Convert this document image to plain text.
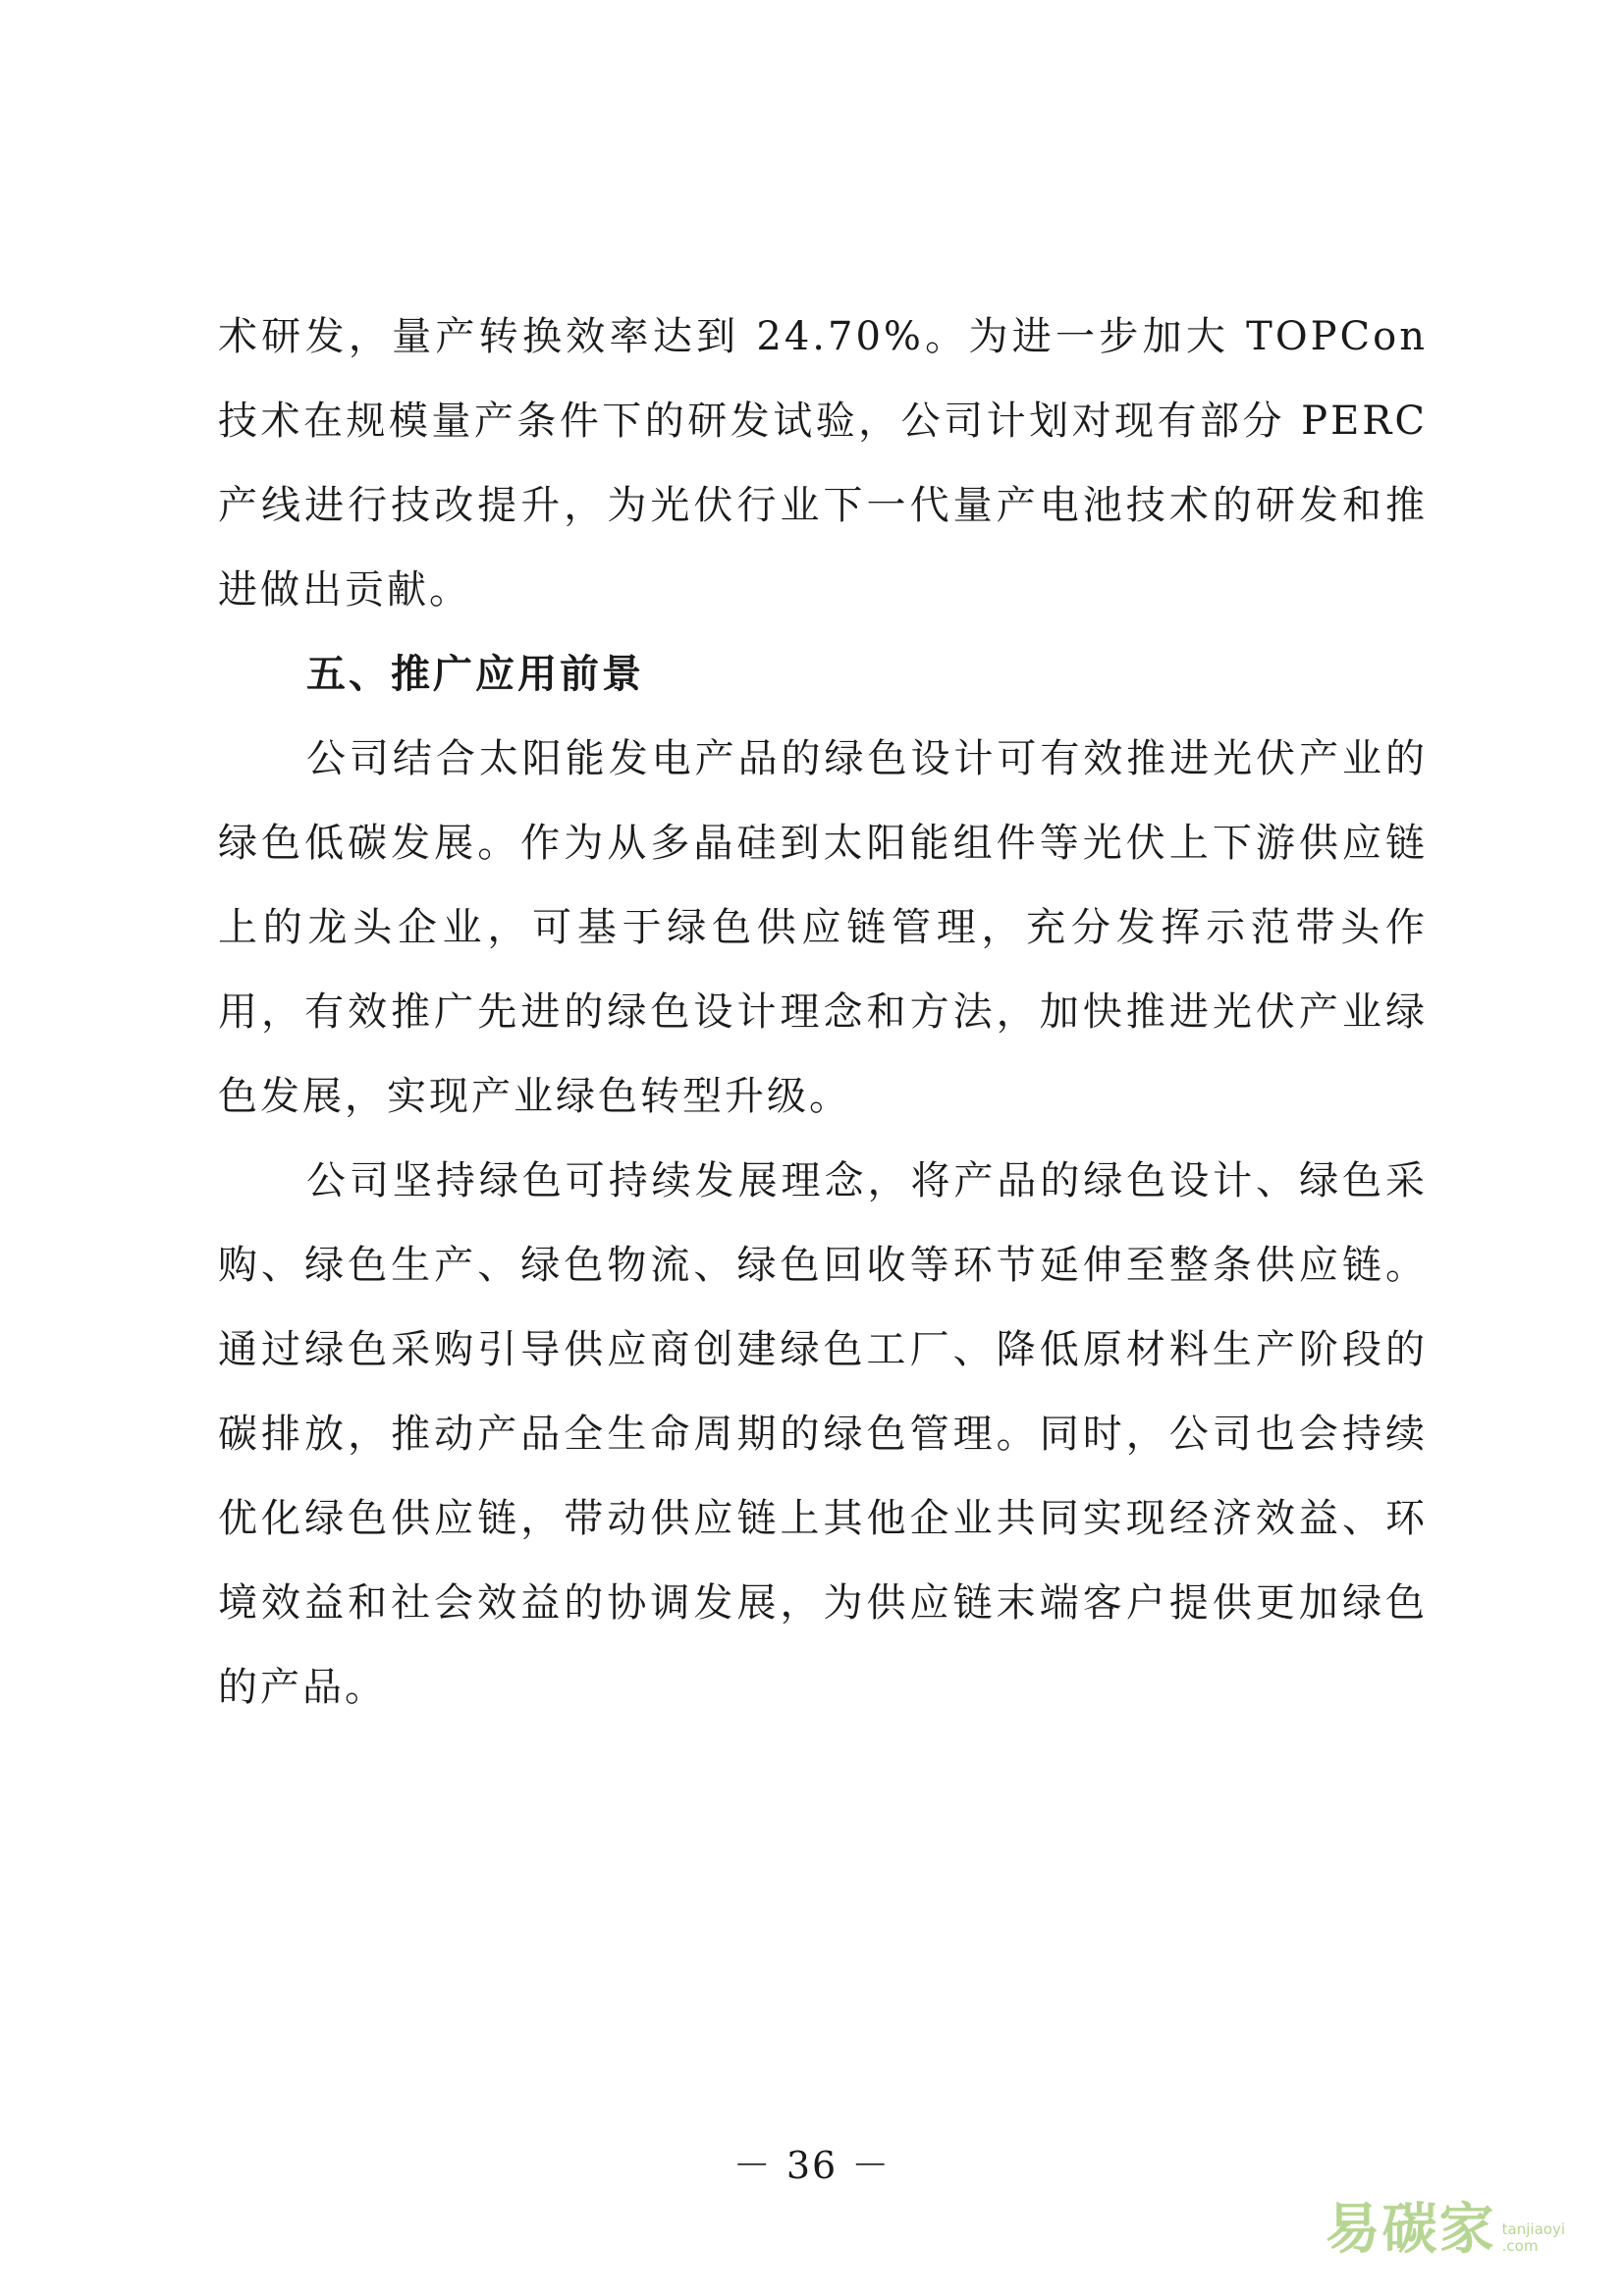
术研发，量产转换效率达到 24.70%。为进一步加大 TOPCon 技术在规模量产条件下的研发试验，公司计划对现有部分 PERC 产线进行技改提升，为光伏行业下一代量产电池技术的研发和推进做出贡献。

五、推广应用前景

公司结合太阳能发电产品的绿色设计可有效推进光伏产业的绿色低碳发展。作为从多晶硅到太阳能组件等光伏上下游供应链上的龙头企业，可基于绿色供应链管理，充分发挥示范带头作用，有效推广先进的绿色设计理念和方法，加快推进光伏产业绿色发展，实现产业绿色转型升级。

公司坚持绿色可持续发展理念，将产品的绿色设计、绿色采购、绿色生产、绿色物流、绿色回收等环节延伸至整条供应链。通过绿色采购引导供应商创建绿色工厂、降低原材料生产阶段的碳排放，推动产品全生命周期的绿色管理。同时，公司也会持续优化绿色供应链，带动供应链上其他企业共同实现经济效益、环境效益和社会效益的协调发展，为供应链末端客户提供更加绿色的产品。

－ 36 －
易碳家 tanjiaoyi
.com
